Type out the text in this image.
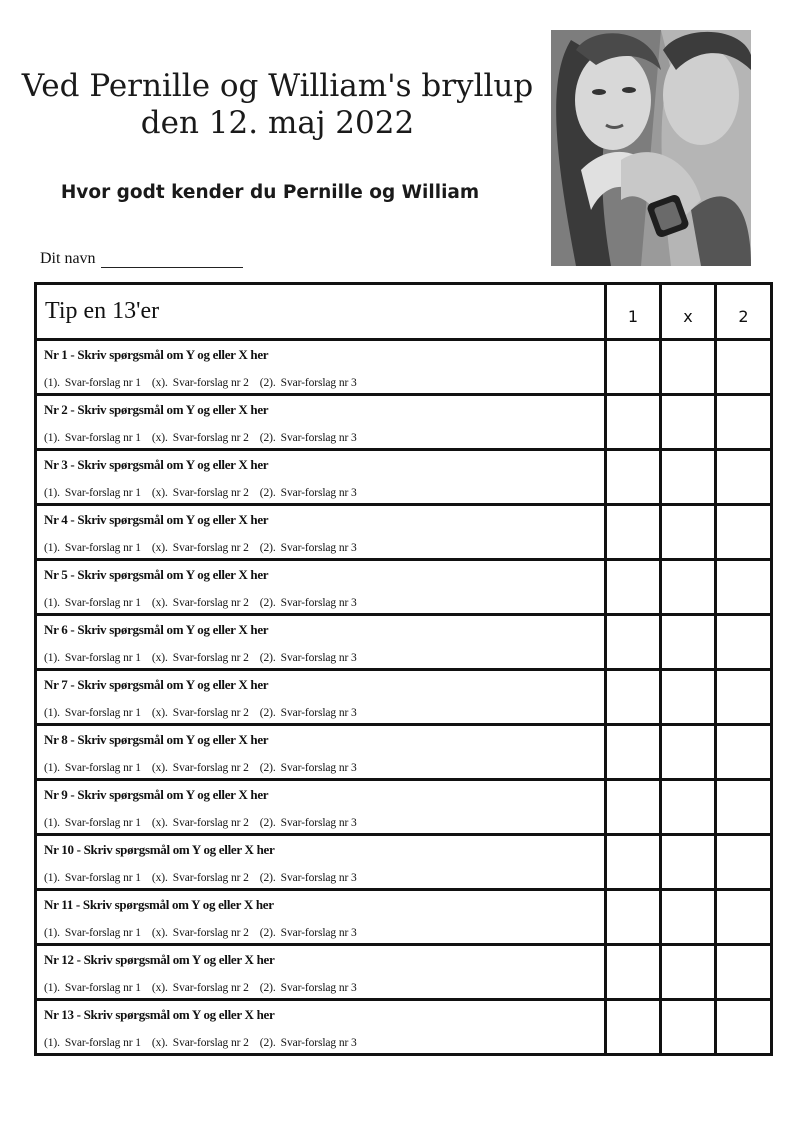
Ved Pernille og William's bryllup
den 12. maj 2022
Hvor godt kender du Pernille og William
Dit navn
Tip en 13'er	1	x	2

Nr 1 - Skriv spørgsmål om Y og eller X her
(1). Svar-forslag nr 1 (x). Svar-forslag nr 2 (2). Svar-forslag nr 3			

Nr 2 - Skriv spørgsmål om Y og eller X her
(1). Svar-forslag nr 1 (x). Svar-forslag nr 2 (2). Svar-forslag nr 3			

Nr 3 - Skriv spørgsmål om Y og eller X her
(1). Svar-forslag nr 1 (x). Svar-forslag nr 2 (2). Svar-forslag nr 3			

Nr 4 - Skriv spørgsmål om Y og eller X her
(1). Svar-forslag nr 1 (x). Svar-forslag nr 2 (2). Svar-forslag nr 3			

Nr 5 - Skriv spørgsmål om Y og eller X her
(1). Svar-forslag nr 1 (x). Svar-forslag nr 2 (2). Svar-forslag nr 3			

Nr 6 - Skriv spørgsmål om Y og eller X her
(1). Svar-forslag nr 1 (x). Svar-forslag nr 2 (2). Svar-forslag nr 3			

Nr 7 - Skriv spørgsmål om Y og eller X her
(1). Svar-forslag nr 1 (x). Svar-forslag nr 2 (2). Svar-forslag nr 3			

Nr 8 - Skriv spørgsmål om Y og eller X her
(1). Svar-forslag nr 1 (x). Svar-forslag nr 2 (2). Svar-forslag nr 3			

Nr 9 - Skriv spørgsmål om Y og eller X her
(1). Svar-forslag nr 1 (x). Svar-forslag nr 2 (2). Svar-forslag nr 3			

Nr 10 - Skriv spørgsmål om Y og eller X her
(1). Svar-forslag nr 1 (x). Svar-forslag nr 2 (2). Svar-forslag nr 3			

Nr 11 - Skriv spørgsmål om Y og eller X her
(1). Svar-forslag nr 1 (x). Svar-forslag nr 2 (2). Svar-forslag nr 3			

Nr 12 - Skriv spørgsmål om Y og eller X her
(1). Svar-forslag nr 1 (x). Svar-forslag nr 2 (2). Svar-forslag nr 3			

Nr 13 - Skriv spørgsmål om Y og eller X her
(1). Svar-forslag nr 1 (x). Svar-forslag nr 2 (2). Svar-forslag nr 3			
